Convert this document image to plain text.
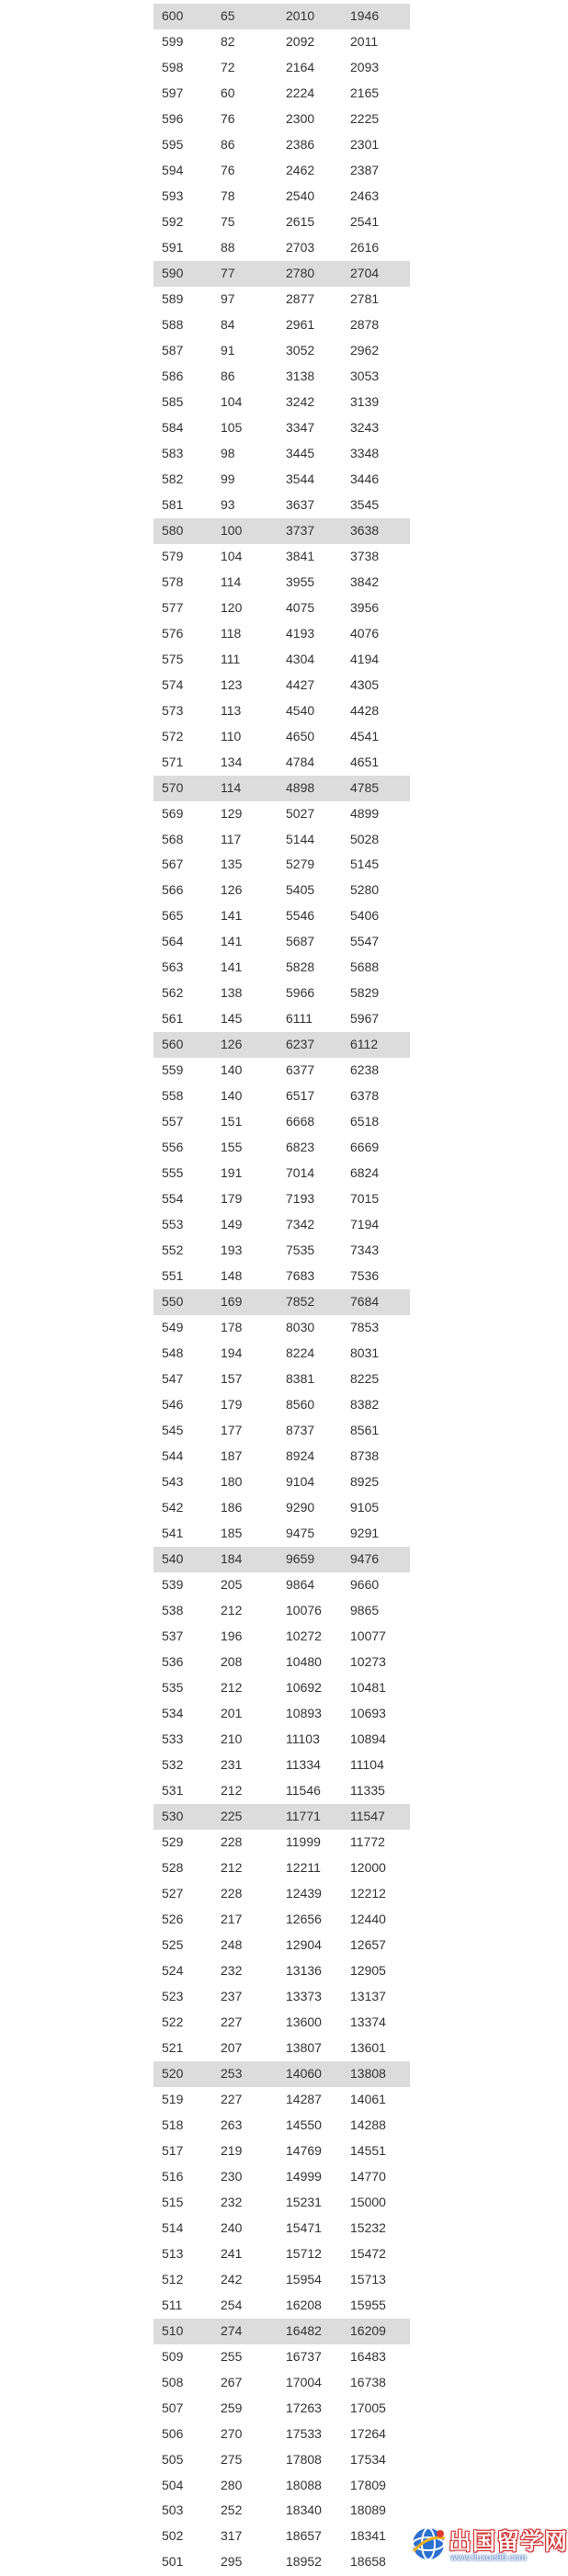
600	65	2010	1946
599	82	2092	2011
598	72	2164	2093
597	60	2224	2165
596	76	2300	2225
595	86	2386	2301
594	76	2462	2387
593	78	2540	2463
592	75	2615	2541
591	88	2703	2616
590	77	2780	2704
589	97	2877	2781
588	84	2961	2878
587	91	3052	2962
586	86	3138	3053
585	104	3242	3139
584	105	3347	3243
583	98	3445	3348
582	99	3544	3446
581	93	3637	3545
580	100	3737	3638
579	104	3841	3738
578	114	3955	3842
577	120	4075	3956
576	118	4193	4076
575	111	4304	4194
574	123	4427	4305
573	113	4540	4428
572	110	4650	4541
571	134	4784	4651
570	114	4898	4785
569	129	5027	4899
568	117	5144	5028
567	135	5279	5145
566	126	5405	5280
565	141	5546	5406
564	141	5687	5547
563	141	5828	5688
562	138	5966	5829
561	145	6111	5967
560	126	6237	6112
559	140	6377	6238
558	140	6517	6378
557	151	6668	6518
556	155	6823	6669
555	191	7014	6824
554	179	7193	7015
553	149	7342	7194
552	193	7535	7343
551	148	7683	7536
550	169	7852	7684
549	178	8030	7853
548	194	8224	8031
547	157	8381	8225
546	179	8560	8382
545	177	8737	8561
544	187	8924	8738
543	180	9104	8925
542	186	9290	9105
541	185	9475	9291
540	184	9659	9476
539	205	9864	9660
538	212	10076	9865
537	196	10272	10077
536	208	10480	10273
535	212	10692	10481
534	201	10893	10693
533	210	11103	10894
532	231	11334	11104
531	212	11546	11335
530	225	11771	11547
529	228	11999	11772
528	212	12211	12000
527	228	12439	12212
526	217	12656	12440
525	248	12904	12657
524	232	13136	12905
523	237	13373	13137
522	227	13600	13374
521	207	13807	13601
520	253	14060	13808
519	227	14287	14061
518	263	14550	14288
517	219	14769	14551
516	230	14999	14770
515	232	15231	15000
514	240	15471	15232
513	241	15712	15472
512	242	15954	15713
511	254	16208	15955
510	274	16482	16209
509	255	16737	16483
508	267	17004	16738
507	259	17263	17005
506	270	17533	17264
505	275	17808	17534
504	280	18088	17809
503	252	18340	18089
502	317	18657	18341
501	295	18952	18658
出国留学网
www.liuxue86.com
